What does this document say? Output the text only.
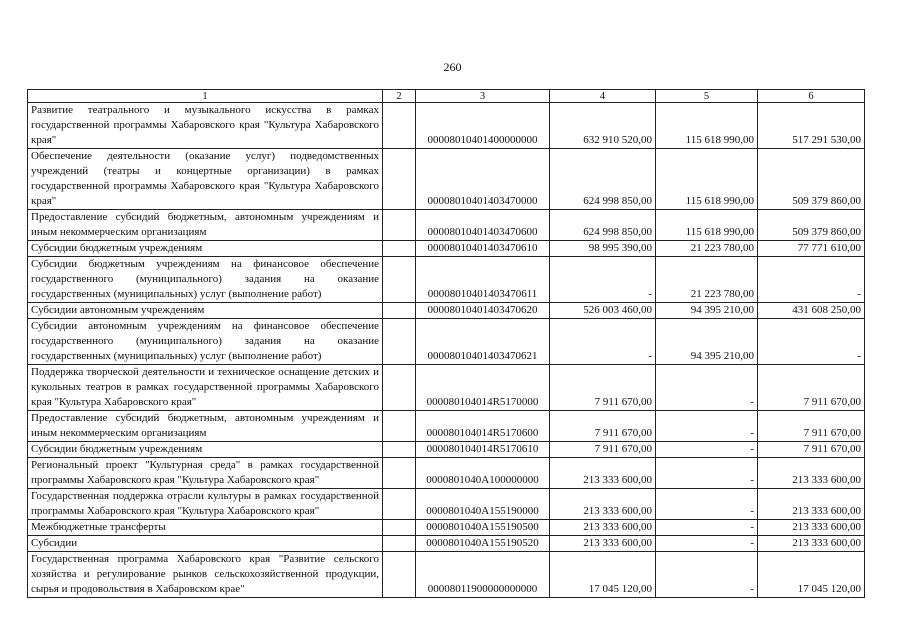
260
1	2	3	4	5	6
Развитие театрального и музыкального искусства в рамках государственной программы Хабаровского края "Культура Хабаровского края"		00008010401400000000	632 910 520,00	115 618 990,00	517 291 530,00
Обеспечение деятельности (оказание услуг) подведомственных учреждений (театры и концертные организации) в рамках государственной программы Хабаровского края "Культура Хабаровского края"		00008010401403470000	624 998 850,00	115 618 990,00	509 379 860,00
Предоставление субсидий бюджетным, автономным учреждениям и иным некоммерческим организациям		00008010401403470600	624 998 850,00	115 618 990,00	509 379 860,00
Субсидии бюджетным учреждениям		00008010401403470610	98 995 390,00	21 223 780,00	77 771 610,00
Субсидии бюджетным учреждениям на финансовое обеспечение государственного (муниципального) задания на оказание государственных (муниципальных) услуг (выполнение работ)		00008010401403470611	-	21 223 780,00	-
Субсидии автономным учреждениям		00008010401403470620	526 003 460,00	94 395 210,00	431 608 250,00
Субсидии автономным учреждениям на финансовое обеспечение государственного (муниципального) задания на оказание государственных (муниципальных) услуг (выполнение работ)		00008010401403470621	-	94 395 210,00	-
Поддержка творческой деятельности и техническое оснащение детских и кукольных театров в рамках государственной программы Хабаровского края "Культура Хабаровского края"		000080104014R5170000	7 911 670,00	-	7 911 670,00
Предоставление субсидий бюджетным, автономным учреждениям и иным некоммерческим организациям		000080104014R5170600	7 911 670,00	-	7 911 670,00
Субсидии бюджетным учреждениям		000080104014R5170610	7 911 670,00	-	7 911 670,00
Региональный проект "Культурная среда" в рамках государственной программы Хабаровского края "Культура Хабаровского края"		0000801040A100000000	213 333 600,00	-	213 333 600,00
Государственная поддержка отрасли культуры в рамках государственной программы Хабаровского края "Культура Хабаровского края"		0000801040A155190000	213 333 600,00	-	213 333 600,00
Межбюджетные трансферты		0000801040A155190500	213 333 600,00	-	213 333 600,00
Субсидии		0000801040A155190520	213 333 600,00	-	213 333 600,00
Государственная программа Хабаровского края "Развитие сельского хозяйства и регулирование рынков сельскохозяйственной продукции, сырья и продовольствия в Хабаровском крае"		00008011900000000000	17 045 120,00	-	17 045 120,00
